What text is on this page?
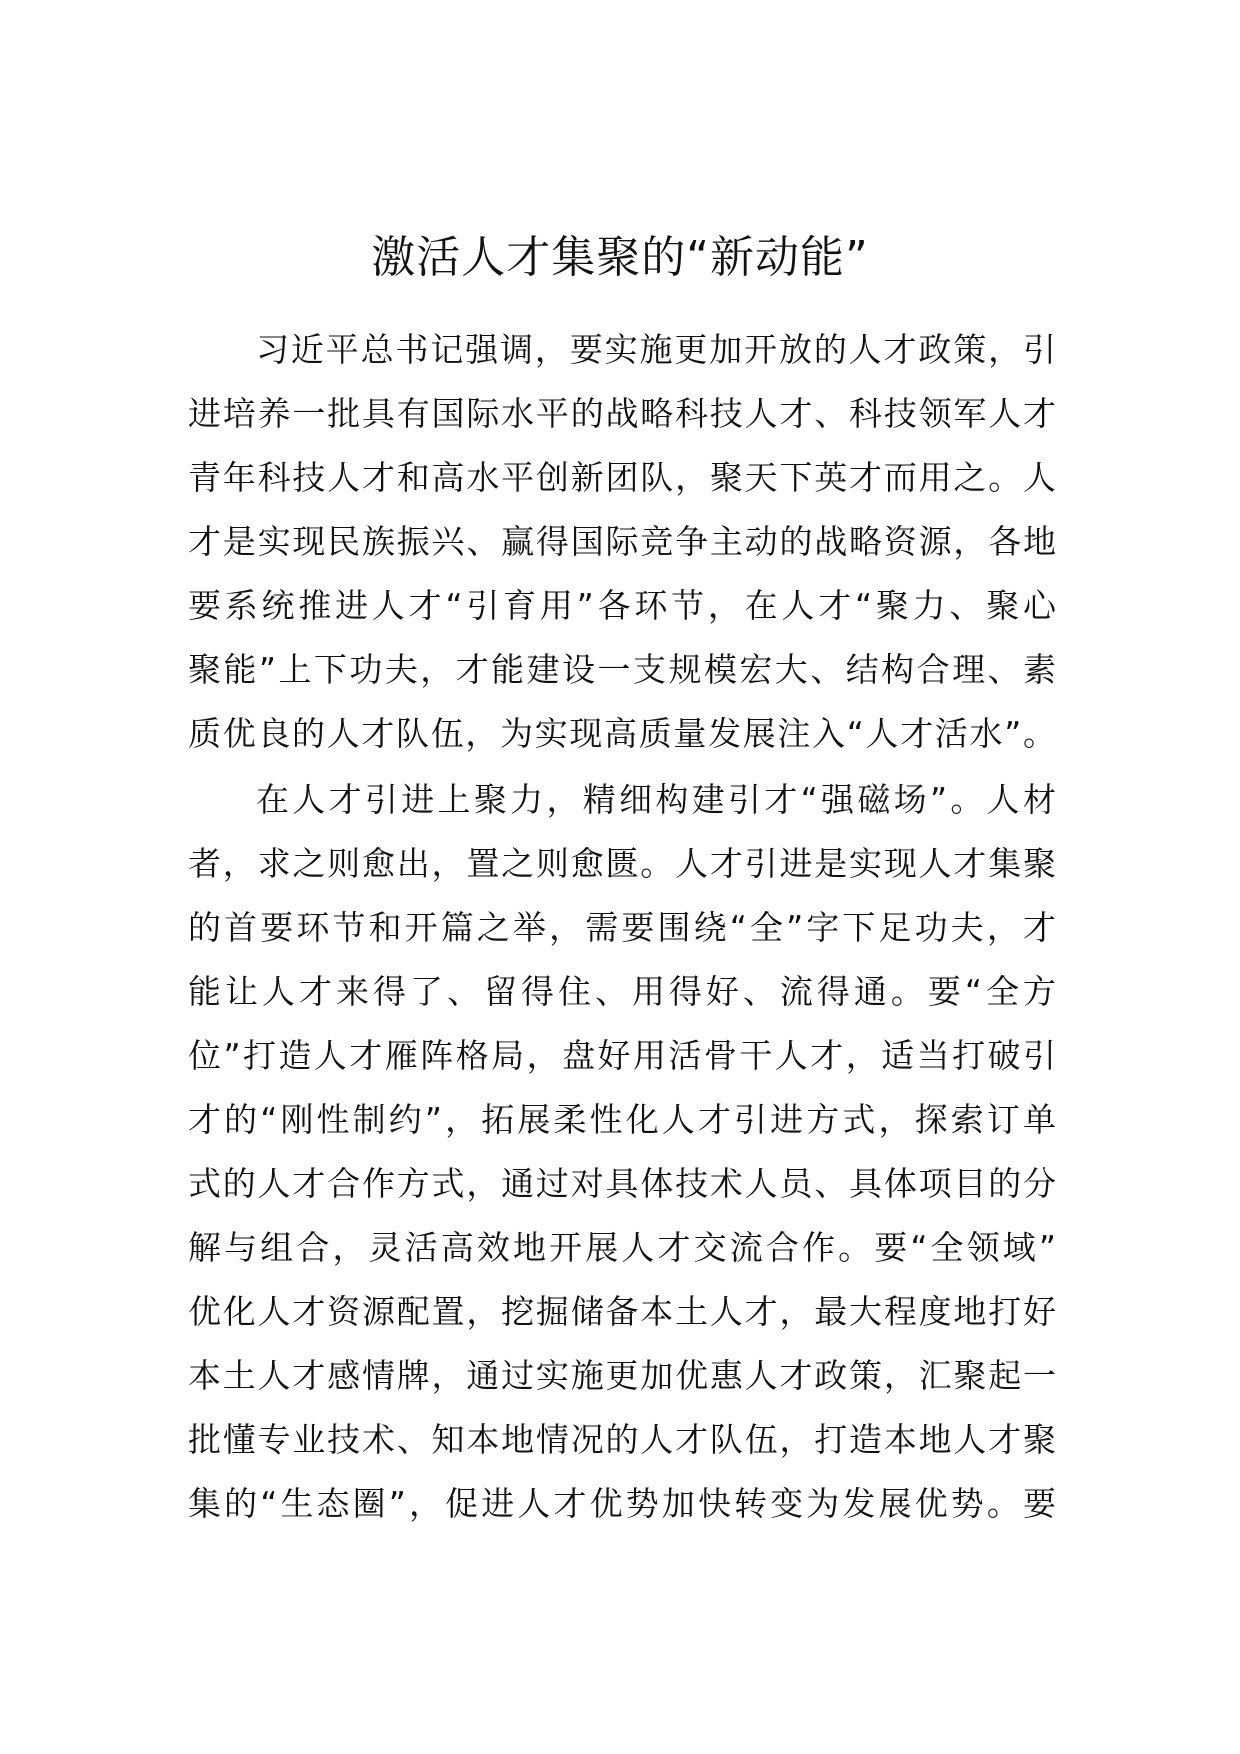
激活人才集聚的“新动能”
习近平总书记强调，要实施更加开放的人才政策，引
进培养一批具有国际水平的战略科技人才、科技领军人才
青年科技人才和高水平创新团队，聚天下英才而用之。人
才是实现民族振兴、赢得国际竞争主动的战略资源，各地
要系统推进人才“引育用”各环节，在人才“聚力、聚心
聚能”上下功夫，才能建设一支规模宏大、结构合理、素
质优良的人才队伍，为实现高质量发展注入“人才活水”。
在人才引进上聚力，精细构建引才“强磁场”。人材
者，求之则愈出，置之则愈匮。人才引进是实现人才集聚
的首要环节和开篇之举，需要围绕“全”字下足功夫，才
能让人才来得了、留得住、用得好、流得通。要“全方
位”打造人才雁阵格局，盘好用活骨干人才，适当打破引
才的“刚性制约”，拓展柔性化人才引进方式，探索订单
式的人才合作方式，通过对具体技术人员、具体项目的分
解与组合，灵活高效地开展人才交流合作。要“全领域”
优化人才资源配置，挖掘储备本土人才，最大程度地打好
本土人才感情牌，通过实施更加优惠人才政策，汇聚起一
批懂专业技术、知本地情况的人才队伍，打造本地人才聚
集的“生态圈”，促进人才优势加快转变为发展优势。要
